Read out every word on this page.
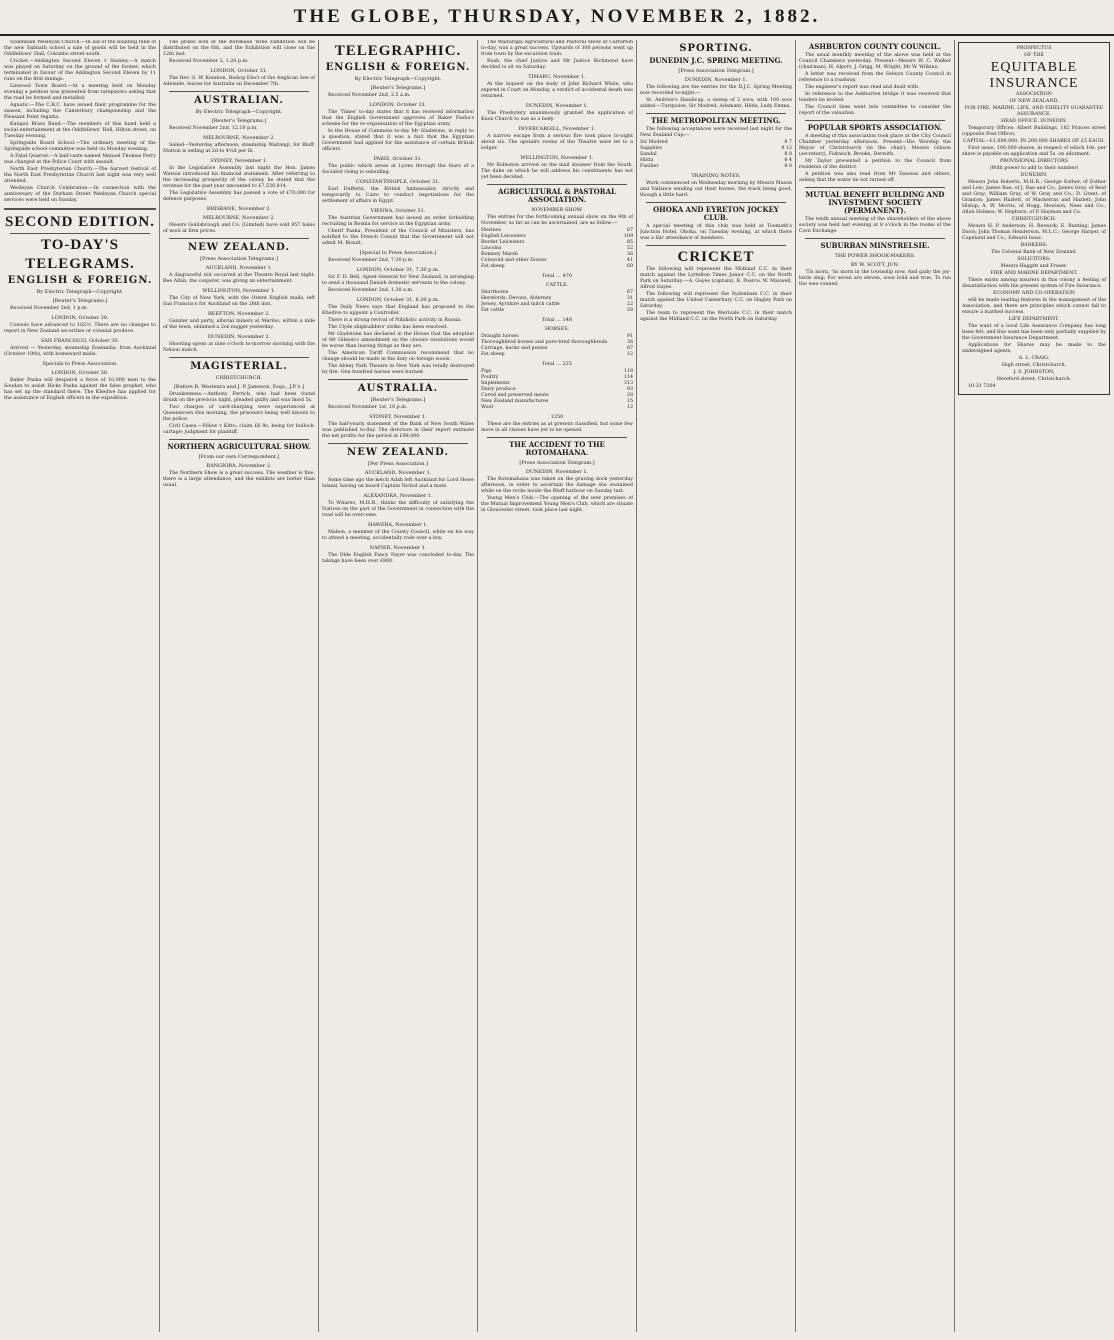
THE GLOBE, THURSDAY, NOVEMBER 2, 1882.

Sydenham Wesleyan Church.—In aid of the building fund of the new Sabbath school a sale of goods will be held in the Oddfellows' Hall, Colombo street south.

Cricket.—Addington Second Eleven v Stanley.—A match was played on Saturday on the ground of the former, which terminated in favour of the Addington Second Eleven by 11 runs on the first innings.

Linwood Town Board.—At a meeting held on Monday evening a petition was presented from ratepayers asking that the road be formed and metalled.

Aquatic.—The C.R.C. have issued their programme for the season, including the Canterbury championship and the Pleasant Point regatta.

Kaiapoi Brass Band.—The members of this band held a social entertainment at the Oddfellows' Hall, Hilton street, on Tuesday evening.

Springside Board School.—The ordinary meeting of the Springside school committee was held on Monday evening.

A Fatal Quarrel.—A half-caste named Manuel Thomas Perry was charged at the Police Court with assault.

North East Presbyterian Church.—The harvest festival of the North East Presbyterian Church last night was very well attended.

Wesleyan Church Celebration.—In connection with the anniversary of the Durham Street Wesleyan Church special services were held on Sunday.

SECOND EDITION.
TO-DAY'S
TELEGRAMS.
ENGLISH & FOREIGN.
By Electric Telegraph—Copyright.
[Reuter's Telegrams.]

Received November 2nd, 1 p.m.

LONDON, October 30.

Consols have advanced to 102½. There are no changes to report in New Zealand securities or colonial produce.

SAN FRANCISCO, October 30.

Arrived — Yesterday, steamship Zealandia, from Auckland (October 10th), with homeward mails.

Specials to Press Association.
LONDON, October 30.

Baker Pasha will despatch a force of 10,000 men to the Soudan to assist Hicks Pasha against the false prophet, who has set up the standard there. The Khedive has applied for the assistance of English officers in the expedition.

The prizes won at the Bordeaux Wine Exhibition will be distributed on the 6th, and the Exhibition will close on the 12th inst.

Received November 2, 1.20 p.m.

LONDON, October 31.

The Rev. G. W. Kennion, Bishop Elect of the Anglican See of Adelaide, leaves for Australia on December 7th.

AUSTRALIAN.
By Electric Telegraph—Copyright.
[Reuter's Telegrams.]

Received November 2nd, 12.10 p.m.

MELBOURNE, November 2.

Sailed—Yesterday afternoon, steamship Waitangi, for Bluff. Mutton is selling at 2d to 4½d per lb.

SYDNEY, November 1.

In the Legislative Assembly last night the Hon. James Watson introduced his financial statement. After referring to the increasing prosperity of the colony he stated that the revenue for the past year amounted to £7,530,814.

The Legislative Assembly has passed a vote of £70,000 for defence purposes.

BRISBANE, November 2.
MELBOURNE, November 2.

Messrs Goldsbrough and Co. (Limited) have sold 957 bales of wool at firm prices.

NEW ZEALAND.
[Press Association Telegrams.]
AUCKLAND, November 1.

A disgraceful riot occurred at the Theatre Royal last night. Bee Allah, the conjurer, was giving an entertainment.

WELLINGTON, November 1.

The City of New York, with the Orient English mails, left San Francisco for Auckland on the 26th inst.

REEFTON, November 2.

Ganzler and party, alluvial miners at Merino, within a mile of the town, obtained a 2oz nugget yesterday.

DUNEDIN, November 2.

Shooting opens at nine o'clock to-morrow morning with the Nelson match.

MAGISTERIAL.
CHRISTCHURCH.
[Before R. Westenra and J. P. Jameson, Esqs., J.P.'s.]

Drunkenness.—Anthony Ferrick, who had been found drunk on the previous night, pleaded guilty and was fined 5s.

Two charges of card-sharping were experienced at Queenstown this morning, the prisoners being well known to the police.

Civil Cases.—Pillow v Kitto, claim £6 9s, being for bullock-cartage; judgment for plaintiff.

NORTHERN AGRICULTURAL SHOW.
[From our own Correspondent.]
RANGIORA, November 2.

The Northern Show is a great success. The weather is fine, there is a large attendance, and the exhibits are better than usual.

TELEGRAPHIC.
ENGLISH & FOREIGN.
By Electric Telegraph—Copyright.
[Reuter's Telegrams.]

Received November 2nd, 2.5 a.m.

LONDON, October 31.

The 'Times' to-day states that it has received information that the English Government approves of Baker Pasha's scheme for the re-organisation of the Egyptian army.

In the House of Commons to-day Mr Gladstone, in reply to a question, stated that it was a fact that the Egyptian Government had applied for the assistance of certain British officers.

PARIS, October 31.

The public which arose at Lyons through the fears of a Socialist rising is subsiding.

CONSTANTINOPLE, October 31.

Earl Dufferin, the British Ambassador, strictly and temporarily to Cairo to conduct negotiations for the settlement of affairs in Egypt.

VIENNA, October 31.

The Austrian Government has issued an order forbidding recruiting in Bosnia for service in the Egyptian army.

Cherif Pasha, President of the Council of Ministers, has notified to the French Consul that the Government will not admit M. Brault.

[Special to Press Association.]

Received November 2nd, 7.30 p.m.

LONDON, October 31, 7.30 p.m.

Sir F. D. Bell, Agent-General for New Zealand, is arranging to send a thousand Danish domestic servants to the colony.

Received November 2nd, 1.30 a.m.

LONDON, October 31, 6.30 p.m.

The Daily News says that England has proposed to the Khedive to appoint a Controller.

There is a strong revival of Nihilistic activity in Russia.

The Clyde shipbuilders' strike has been resolved.

Mr Gladstone has declared in the House that the adoption of Mr Gibson's amendment on the closure resolutions would be worse than leaving things as they are.

The American Tariff Commission recommend that no change should be made in the duty on foreign wools.

The Abbey Park Theatre in New York was totally destroyed by fire. One hundred horses were burned.

AUSTRALIA.
[Reuter's Telegrams.]

Received November 1st, 10 p.m.

SYDNEY, November 1.

The half-yearly statement of the Bank of New South Wales was published to-day. The directors in their report estimate the net profits for the period at £98,000.

NEW ZEALAND.
[Per Press Association.]
AUCKLAND, November 1.

Some time ago the ketch Adah left Auckland for Lord Howe Island, having on board Captain Nichol and a mate.

ALEXANDRA, November 1.

To Whareo, M.H.R., thinks the difficulty of satisfying the Natives on the part of the Government in connection with the road will be overcome.

HAWERA, November 1.

Mahon, a member of the County Council, while on his way to attend a meeting, accidentally rode over a boy.

NAPIER, November 1.

The Olde English Fancy Fayre was concluded to-day. The takings have been over £800.

The Wairarapa Agricultural and Pastoral Show at Carterton to-day, was a great success. Upwards of 300 persons went up from town by the excursion train.

Rush, the chief Justice and Mr Justice Richmond have decided to sit on Saturday.

TIMARU, November 1.

At the inquest on the body of John Richard White, who expired in Court on Monday, a verdict of accidental death was returned.

DUNEDIN, November 1.

The Presbytery unanimously granted the application of Knox Church to sue as a body.

INVERCARGILL, November 1.

A narrow escape from a serious fire took place to-night about six. The upstairs rooms of the Theatre were let to a lodger.

WELLINGTON, November 1.

Mr Rolleston arrived on the mail steamer from the South. The duke on which he will address his constituents has not yet been decided.

AGRICULTURAL & PASTORAL ASSOCIATION.
NOVEMBER SHOW.

The entries for the forthcoming annual show on the 9th of November, so far as can be ascertained, are as follow:—

Merinos	87
English Leicesters	109
Border Leicesters	85
Lincolns	52
Romney Marsh	36
Cotswold and other Downs	41
Fat sheep	60
Total ... 470
CATTLE.
Shorthorns	67
Herefords, Devons, Alderney	31
Jersey, Ayrshire and milch cattle	22
Fat cattle	28
Total ... 148
HORSES.
Draught horses	91
Thoroughbred horses and pure-bred thoroughbreds	36
Carriage, hacks and ponies	87
Fat sheep	12
Total ... 225
Pigs	118
Poultry	114
Implements	313
Dairy produce	93
Cured and preserved meats	28
New Zealand manufactures	15
Wool	12
1250

These are the entries as at present classified, but some few more in all classes have yet to be opened.

THE ACCIDENT TO THE ROTOMAHANA.
[Press Association Telegram.]
DUNEDIN, November 1.

The Rotomahana was taken on the graving dock yesterday afternoon, in order to ascertain the damage she sustained while on the rocks inside the Bluff harbour on Sunday last.

Young Men's Club.—The opening of the new premises of the Mutual Improvement Young Men's Club, which are situate in Gloucester street, took place last night.

SPORTING.
DUNEDIN J.C. SPRING MEETING.
[Press Association Telegram.]
DUNEDIN, November 1.

The following are the entries for the D.J.C. Spring Meeting now recorded to-night:—

St. Andrew's Handicap, a sweep of 2 sovs, with 100 sovs added.—Turquoise, Sir Modred, Adamant, Hilda, Lady Emma.

THE METROPOLITAN MEETING.

The following acceptances were received last night for the New Zealand Cup:—

Sir Modred	9 7
Sapphire	8 12
Sandal	8 8
Hilda	8 4
Fusilier	8 0
TRAINING NOTES.

Work commenced on Wednesday morning by Messrs Mason and Vallance sending out their horses, the track being good, though a little hard.

OHOKA AND EYRETON JOCKEY CLUB.

A special meeting of this club was held at Toomath's Junction Hotel, Ohoka, on Tuesday evening, at which there was a fair attendance of members.

CRICKET

The following will represent the Midland C.C. in their match against the Lyttelton Times Junior C.C. on the North Park on Saturday:—A. Gayes (captain), R. Pearce, W. Maxwell, Alfred Gayes.

The following will represent the Sydenham C.C. in their match against the United Canterbury C.C. on Hagley Park on Saturday.

The team to represent the Merivale C.C. in their match against the Midland C.C. on the North Park on Saturday.

ASHBURTON COUNTY COUNCIL.

The usual monthly meeting of the above was held at the Council Chambers yesterday. Present—Messrs W. C. Walker (chairman), H. Alport, J. Grigg, M. Wright, Mr W. Wilkins.

A letter was received from the Selwyn County Council in reference to a roadway.

The engineer's report was read and dealt with.

In reference to the Ashburton bridge it was resolved that tenders be invited.

The Council then went into committee to consider the report of the valuation.

POPULAR SPORTS ASSOCIATION.

A meeting of this association took place at the City Council Chamber yesterday afternoon. Present—His Worship the Mayor of Christchurch (in the chair), Messrs Gibson (secretary), Fishwick, Brooks, Derwith.

Mr Taylor presented a petition to the Council from residents of the district.

A petition was also read from Mr Dawson and others, asking that the water be not turned off.

MUTUAL BENEFIT BUILDING AND INVESTMENT SOCIETY (PERMANENT).

The tenth annual meeting of the shareholders of the above society was held last evening at 8 o'clock in the rooms of the Corn Exchange.

SUBURBAN MINSTRELSIE.
THE POWER SHOOK-MAKERS.
BY W. SCOTT, JUN.

'Tis morn, 'tis morn in the township now, And gaily the joy-birds sing; For seven are eleven, soon bold and true, To run the wee conned.

PROSPECTUS

OF THE

EQUITABLE INSURANCE

ASSOCIATION

OF NEW ZEALAND,

FOR FIRE, MARINE, LIFE, AND FIDELITY GUARANTEE ASSURANCE.

HEAD OFFICE, DUNEDIN.

Temporary Offices: Albert Buildings, 182 Princes street (opposite Post Office).

CAPITAL—£1,000,000, IN 200,000 SHARES OF £5 EACH.

First issue, 100,000 shares, in respect of which 10s. per share is payable on application and 5s. on allotment.

PROVISIONAL DIRECTORS

(With power to add to their number)

DUNEDIN.

Messrs John Roberts, M.H.R.; George Esther, of Esther and Low; James Rae, of J. Rae and Co.; James Gray, of Reid and Gray; William Gray, of W. Gray and Co.; D. Grant, of Granton; James Hazlett, of Mackerras and Hazlett; John Hislop; A. W. Morris, of Hogg, Howison, Nees and Co.; Allan Holmes; W. Hepburn, of P. Hayman and Co.

CHRISTCHURCH.

Messrs H. P. Anderson; H. Beswick; E. Bunting; James Davis; John Thomas Henderson, M.L.C.; George Harper, of Copeland and Co.; Edward Isaac.

BANKERS:

The Colonial Bank of New Zealand.

SOLICITORS:

Messrs Haggitt and Fraser.

FIRE AND MARINE DEPARTMENT.

There exists among insurers in this colony a feeling of dissatisfaction with the present system of Fire Insurance.

ECONOMY AND CO-OPERATION

will be made leading features in the management of the Association, and there are principles which cannot fail to ensure a marked success.

LIFE DEPARTMENT.

The want of a local Life Assurance Company has long been felt, and this want has been only partially supplied by the Government Insurance Department.

Applications for Shares may be made to the undersigned agents,

A. L. CRAIG,

High street, Christchurch.

J. S. JOHNSTON,

Hereford street, Christchurch.

10-31 7204
